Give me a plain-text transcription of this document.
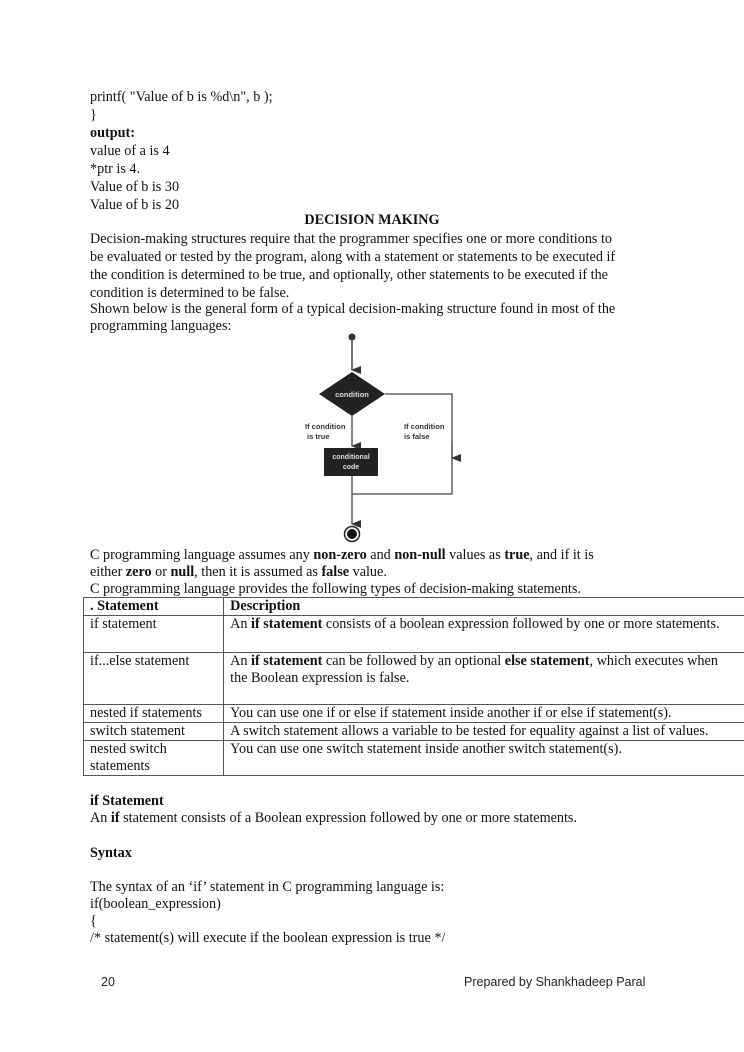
printf( "Value of b is %d\n", b );
}
output:
value of a is 4
*ptr is 4.
Value of b is 30
Value of b is 20
DECISION MAKING
Decision-making structures require that the programmer specifies one or more conditions to
be evaluated or tested by the program, along with a statement or statements to be executed if
the condition is determined to be true, and optionally, other statements to be executed if the
condition is determined to be false.
Shown below is the general form of a typical decision-making structure found in most of the
programming languages:
condition
If condition
is true
If condition
is false
conditional
code
C programming language assumes any non-zero and non-null values as true, and if it is
either zero or null, then it is assumed as false value.
C programming language provides the following types of decision-making statements.
. Statement	Description
if statement	An if statement consists of a boolean expression followed by one or more statements.
if...else statement	An if statement can be followed by an optional else statement, which executes when the Boolean expression is false.
nested if statements	You can use one if or else if statement inside another if or else if statement(s).
switch statement	A switch statement allows a variable to be tested for equality against a list of values.
nested switch statements	You can use one switch statement inside another switch statement(s).
if Statement
An if statement consists of a Boolean expression followed by one or more statements.
Syntax
The syntax of an ‘if’ statement in C programming language is:
if(boolean_expression)
{
/* statement(s) will execute if the boolean expression is true */
20	Prepared by Shankhadeep Paral
